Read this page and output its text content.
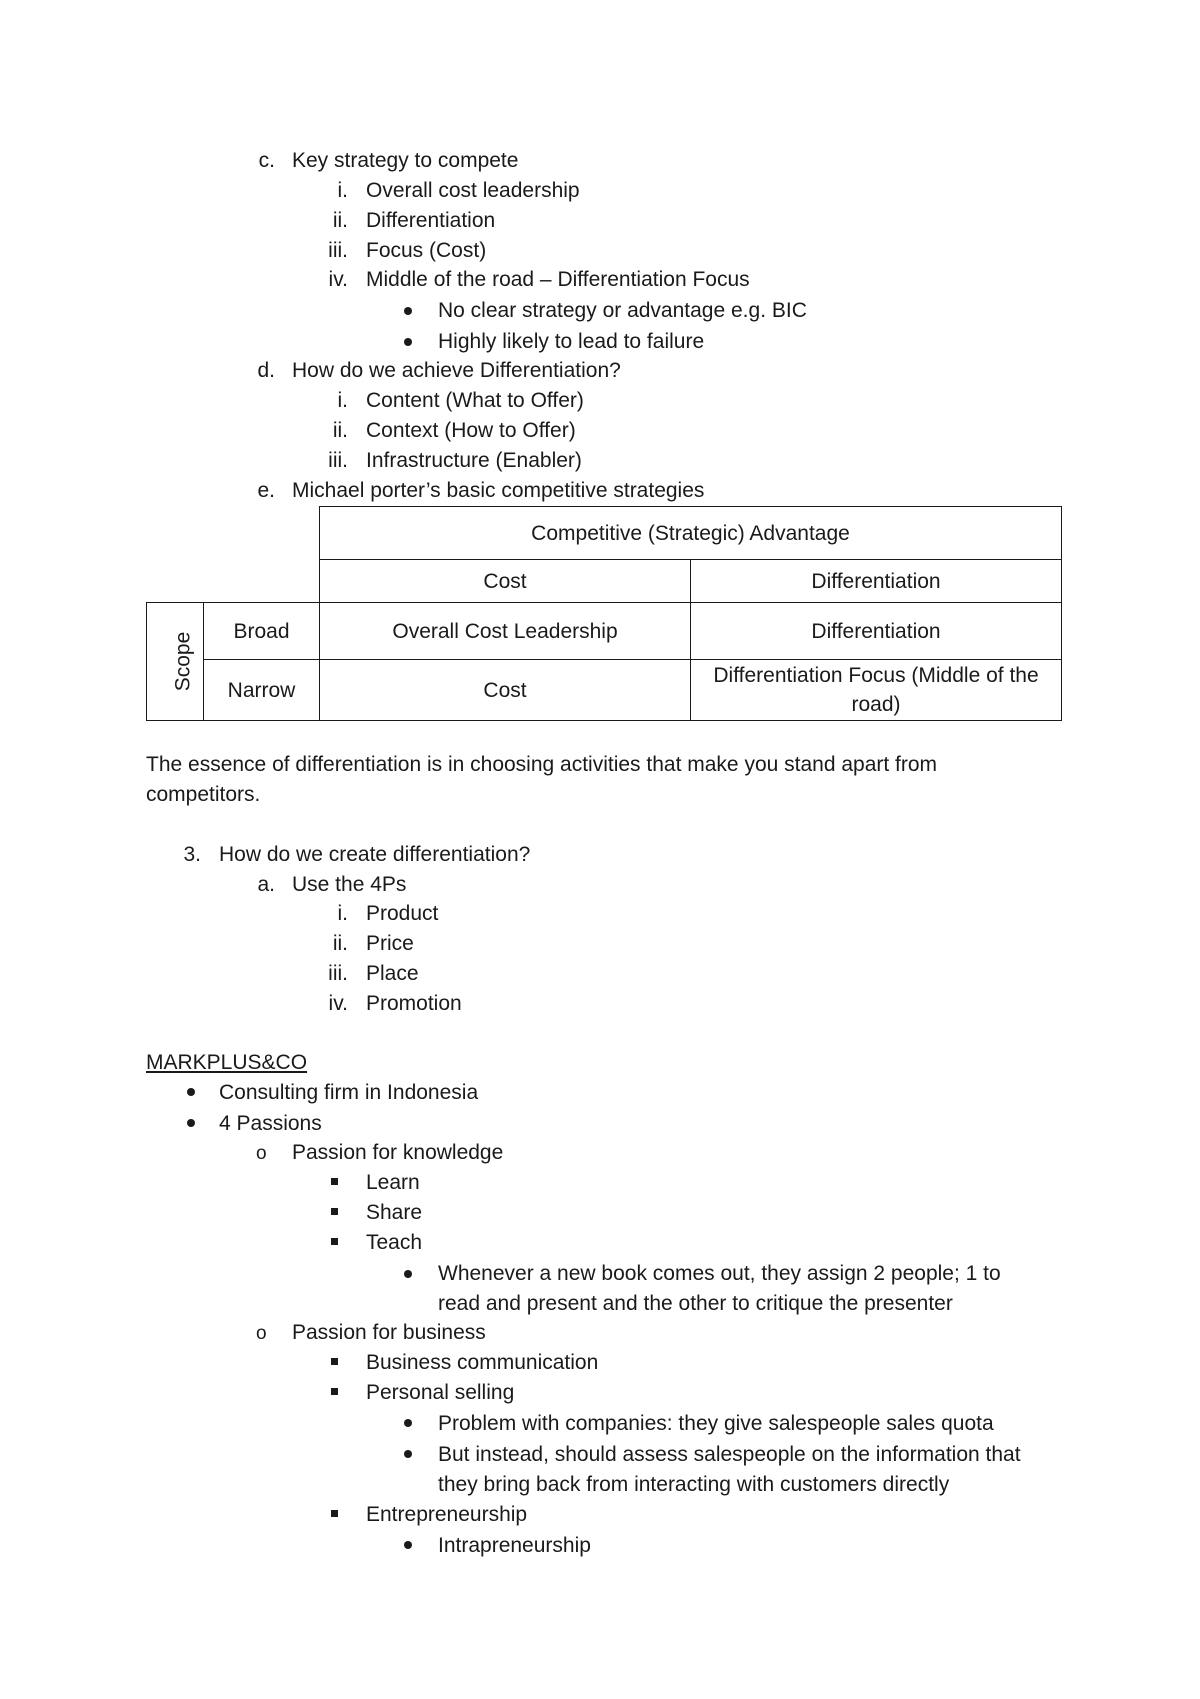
c. Key strategy to compete
i. Overall cost leadership
ii. Differentiation
iii. Focus (Cost)
iv. Middle of the road – Differentiation Focus
No clear strategy or advantage e.g. BIC
Highly likely to lead to failure
d. How do we achieve Differentiation?
i. Content (What to Offer)
ii. Context (How to Offer)
iii. Infrastructure (Enabler)
e. Michael porter’s basic competitive strategies
		Competitive (Strategic) Advantage	
		Cost	Differentiation
Scope	Broad	Overall Cost Leadership	Differentiation
	Narrow	Cost	Differentiation Focus (Middle of the road)
The essence of differentiation is in choosing activities that make you stand apart from
competitors.
3. How do we create differentiation?
a. Use the 4Ps
i. Product
ii. Price
iii. Place
iv. Promotion
MARKPLUS&CO
Consulting firm in Indonesia
4 Passions
o Passion for knowledge
Learn
Share
Teach
Whenever a new book comes out, they assign 2 people; 1 to
read and present and the other to critique the presenter
o Passion for business
Business communication
Personal selling
Problem with companies: they give salespeople sales quota
But instead, should assess salespeople on the information that
they bring back from interacting with customers directly
Entrepreneurship
Intrapreneurship
